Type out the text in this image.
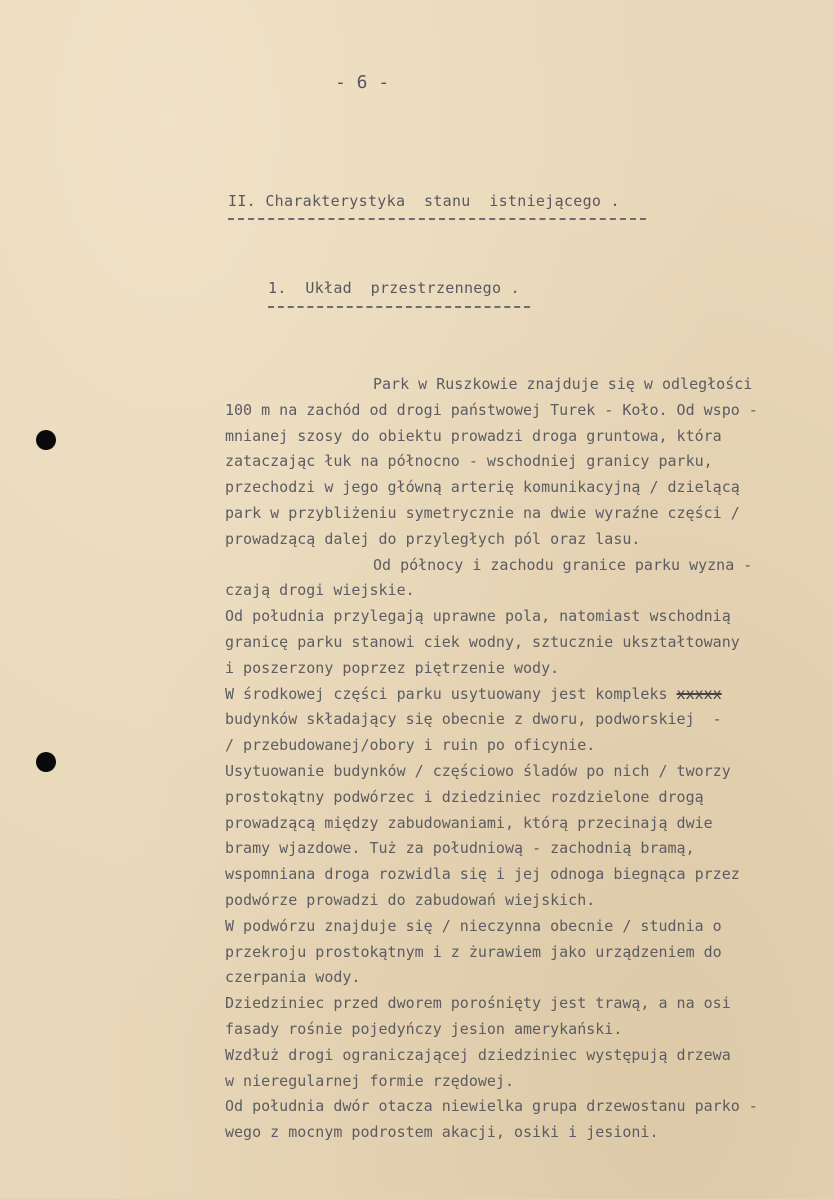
- 6 -
II. Charakterystyka  stanu  istniejącego .
1.  Układ  przestrzennego .
Park w Ruszkowie znajduje się w odległości
100 m na zachód od drogi państwowej Turek - Koło. Od wspo -
mnianej szosy do obiektu prowadzi droga gruntowa, która
zataczając łuk na północno - wschodniej granicy parku,
przechodzi w jego główną arterię komunikacyjną / dzielącą
park w przybliżeniu symetrycznie na dwie wyraźne części /
prowadzącą dalej do przyległych pól oraz lasu.
Od północy i zachodu granice parku wyzna -
czają drogi wiejskie.
Od południa przylegają uprawne pola, natomiast wschodnią
granicę parku stanowi ciek wodny, sztucznie ukształtowany
i poszerzony poprzez piętrzenie wody.
W środkowej części parku usytuowany jest kompleks xxxxx
budynków składający się obecnie z dworu, podworskiej  -
/ przebudowanej/obory i ruin po oficynie.
Usytuowanie budynków / częściowo śladów po nich / tworzy
prostokątny podwórzec i dziedziniec rozdzielone drogą
prowadzącą między zabudowaniami, którą przecinają dwie
bramy wjazdowe. Tuż za południową - zachodnią bramą,
wspomniana droga rozwidla się i jej odnoga biegnąca przez
podwórze prowadzi do zabudowań wiejskich.
W podwórzu znajduje się / nieczynna obecnie / studnia o
przekroju prostokątnym i z żurawiem jako urządzeniem do
czerpania wody.
Dziedziniec przed dworem porośnięty jest trawą, a na osi
fasady rośnie pojedyńczy jesion amerykański.
Wzdłuż drogi ograniczającej dziedziniec występują drzewa
w nieregularnej formie rzędowej.
Od południa dwór otacza niewielka grupa drzewostanu parko -
wego z mocnym podrostem akacji, osiki i jesioni.
